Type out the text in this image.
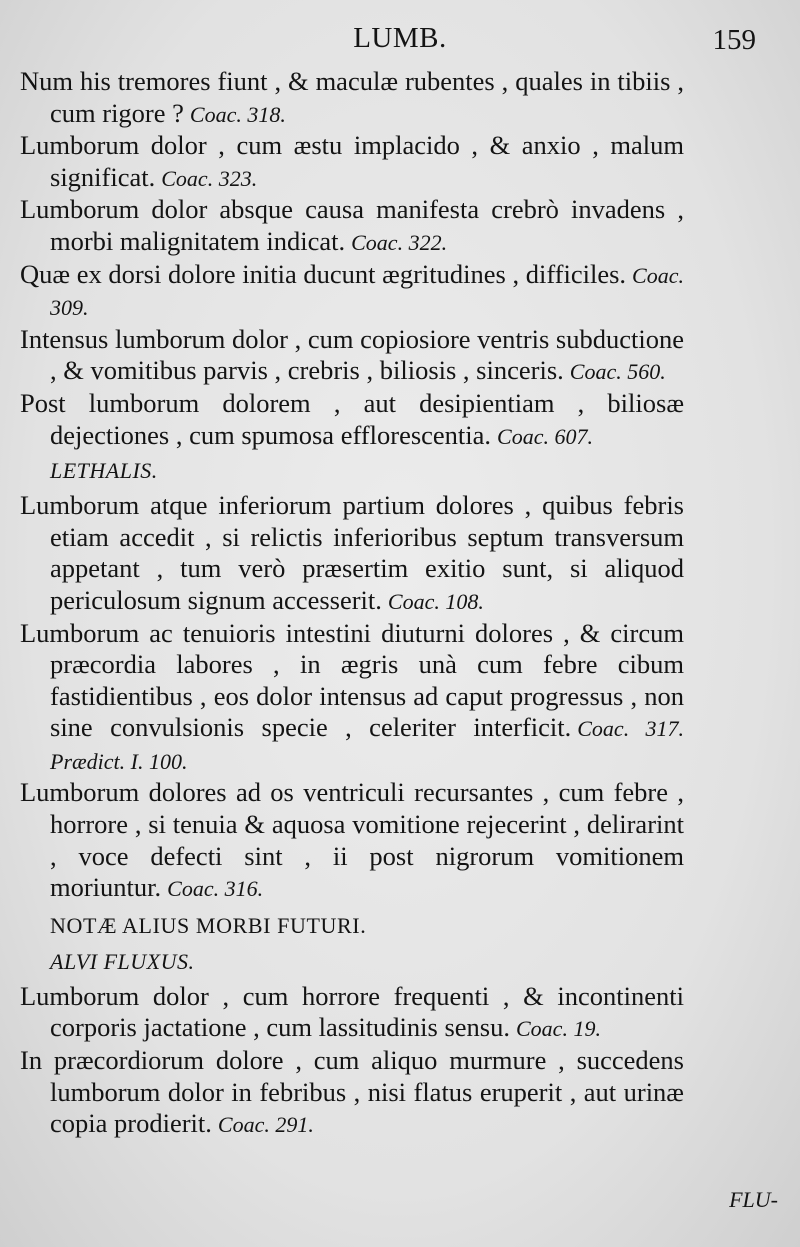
LUMB.	159

Num his tremores fiunt , & maculæ rubentes , quales in tibiis , cum rigore ? Coac. 318.

Lumborum dolor , cum æstu implacido , & anxio , malum significat. Coac. 323.

Lumborum dolor absque causa manifesta crebrò invadens , morbi malignitatem indicat. Coac. 322.

Quæ ex dorsi dolore initia ducunt ægritudines , difficiles. Coac. 309.

Intensus lumborum dolor , cum copiosiore ventris subductione , & vomitibus parvis , crebris , biliosis , sinceris. Coac. 560.

Post lumborum dolorem , aut desipientiam , biliosæ dejectiones , cum spumosa efflorescentia. Coac. 607.

LETHALIS.

Lumborum atque inferiorum partium dolores , quibus febris etiam accedit , si relictis inferioribus septum transversum appetant , tum verò præsertim exitio sunt, si aliquod periculosum signum accesserit. Coac. 108.

Lumborum ac tenuioris intestini diuturni dolores , & circum præcordia labores , in ægris unà cum febre cibum fastidientibus , eos dolor intensus ad caput progressus , non sine convulsionis specie , celeriter interficit. Coac. 317. Prædict. I. 100.

Lumborum dolores ad os ventriculi recursantes , cum febre , horrore , si tenuia & aquosa vomitione rejecerint , delirarint , voce defecti sint , ii post nigrorum vomitionem moriuntur. Coac. 316.

NOTÆ ALIUS MORBI FUTURI.
ALVI FLUXUS.

Lumborum dolor , cum horrore frequenti , & incontinenti corporis jactatione , cum lassitudinis sensu. Coac. 19.

In præcordiorum dolore , cum aliquo murmure , succedens lumborum dolor in febribus , nisi flatus eruperit , aut urinæ copia prodierit. Coac. 291.

FLU-
